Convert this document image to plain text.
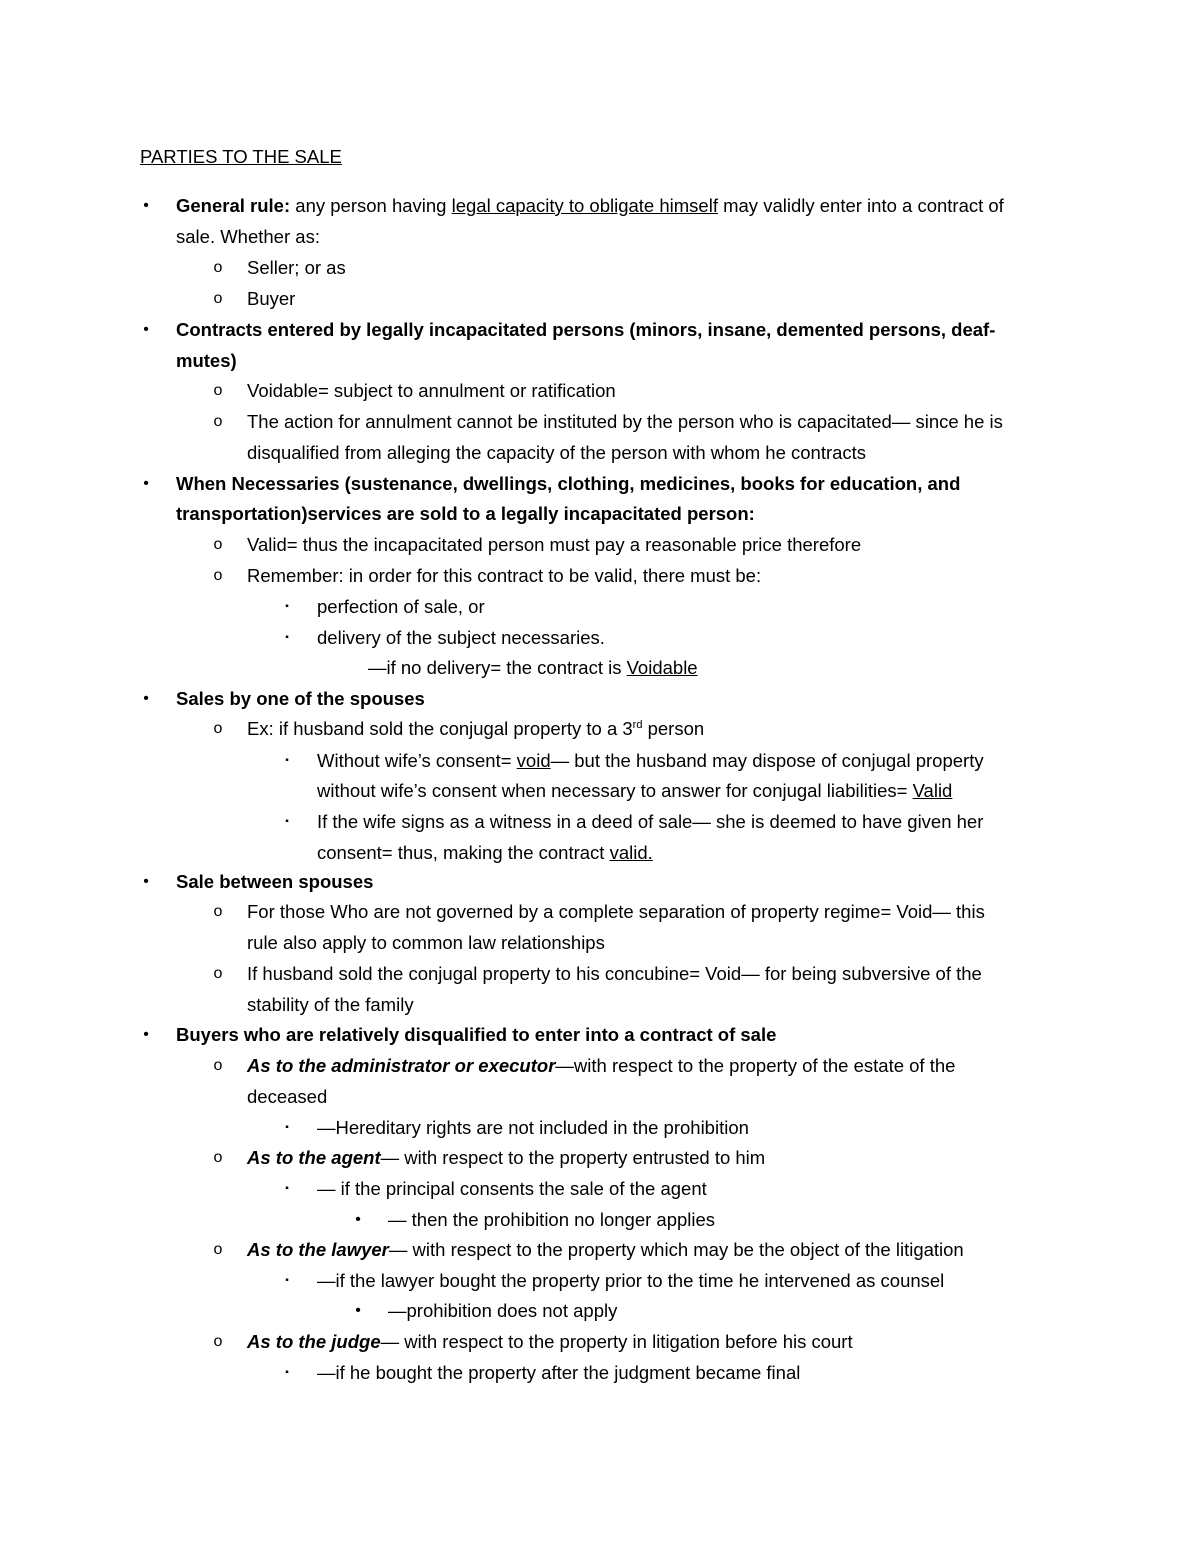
PARTIES TO THE SALE
• General rule: any person having legal capacity to obligate himself may validly enter into a contract of
sale. Whether as:
o Seller; or as
o Buyer
• Contracts entered by legally incapacitated persons (minors, insane, demented persons, deaf-
mutes)
o Voidable= subject to annulment or ratification
o The action for annulment cannot be instituted by the person who is capacitated— since he is
disqualified from alleging the capacity of the person with whom he contracts
• When Necessaries (sustenance, dwellings, clothing, medicines, books for education, and
transportation)services are sold to a legally incapacitated person:
o Valid= thus the incapacitated person must pay a reasonable price therefore
o Remember: in order for this contract to be valid, there must be:
▪ perfection of sale, or
▪ delivery of the subject necessaries.
—if no delivery= the contract is Voidable
• Sales by one of the spouses
o Ex: if husband sold the conjugal property to a 3rd person
▪ Without wife’s consent= void— but the husband may dispose of conjugal property
without wife’s consent when necessary to answer for conjugal liabilities= Valid
▪ If the wife signs as a witness in a deed of sale— she is deemed to have given her
consent= thus, making the contract valid.
• Sale between spouses
o For those Who are not governed by a complete separation of property regime= Void— this
rule also apply to common law relationships
o If husband sold the conjugal property to his concubine= Void— for being subversive of the
stability of the family
• Buyers who are relatively disqualified to enter into a contract of sale
o As to the administrator or executor—with respect to the property of the estate of the
deceased
▪ —Hereditary rights are not included in the prohibition
o As to the agent— with respect to the property entrusted to him
▪ — if the principal consents the sale of the agent
• — then the prohibition no longer applies
o As to the lawyer— with respect to the property which may be the object of the litigation
▪ —if the lawyer bought the property prior to the time he intervened as counsel
• —prohibition does not apply
o As to the judge— with respect to the property in litigation before his court
▪ —if he bought the property after the judgment became final
